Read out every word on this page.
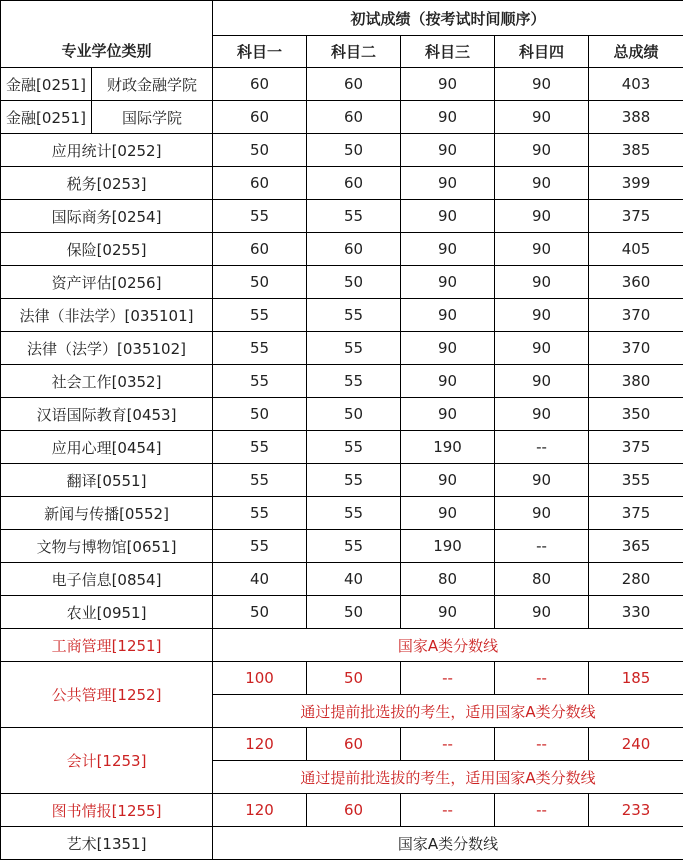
专业学位类别		初试成绩（按考试时间顺序）				
		科目一	科目二	科目三	科目四	总成绩
金融[0251]	财政金融学院	60	60	90	90	403
金融[0251]	国际学院	60	60	90	90	388
应用统计[0252]		50	50	90	90	385
税务[0253]		60	60	90	90	399
国际商务[0254]		55	55	90	90	375
保险[0255]		60	60	90	90	405
资产评估[0256]		50	50	90	90	360
法律（非法学）[035101]		55	55	90	90	370
法律（法学）[035102]		55	55	90	90	370
社会工作[0352]		55	55	90	90	380
汉语国际教育[0453]		50	50	90	90	350
应用心理[0454]		55	55	190	--	375
翻译[0551]		55	55	90	90	355
新闻与传播[0552]		55	55	90	90	375
文物与博物馆[0651]		55	55	190	--	365
电子信息[0854]		40	40	80	80	280
农业[0951]		50	50	90	90	330
工商管理[1251]		国家A类分数线				
公共管理[1252]		100	50	--	--	185
		通过提前批选拔的考生，适用国家A类分数线				
会计[1253]		120	60	--	--	240
		通过提前批选拔的考生，适用国家A类分数线				
图书情报[1255]		120	60	--	--	233
艺术[1351]		国家A类分数线				
